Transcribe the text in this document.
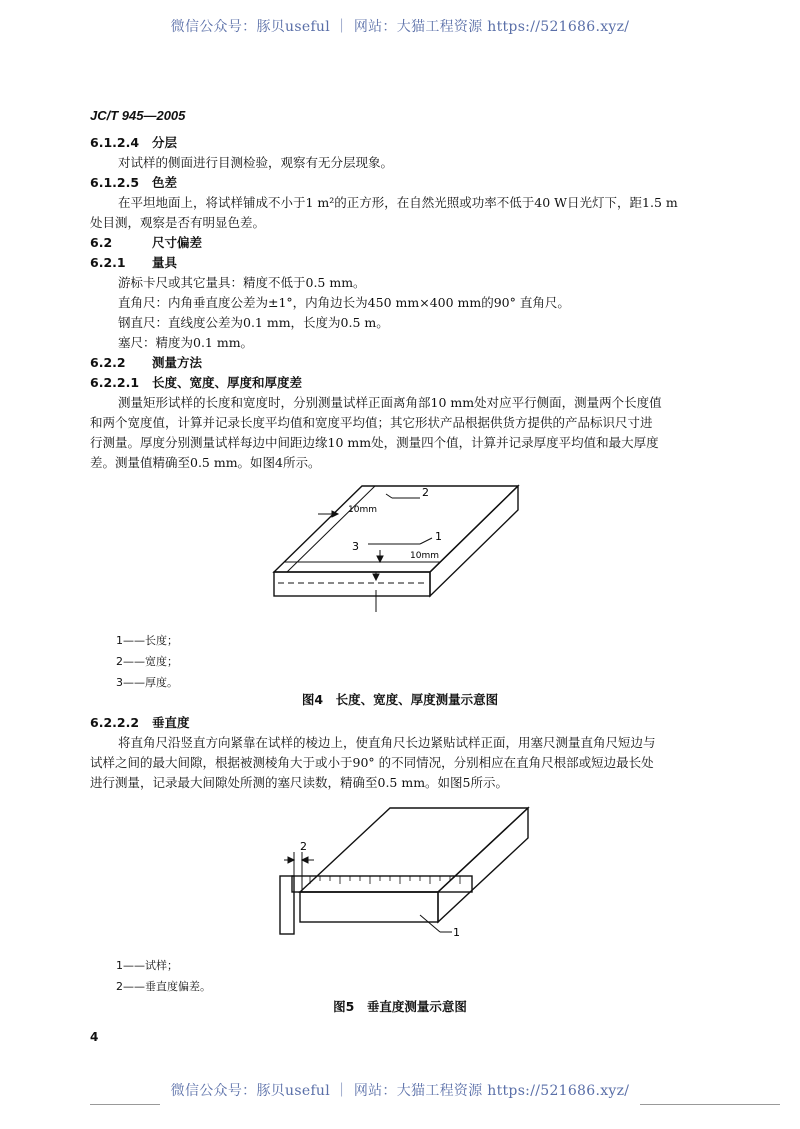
微信公众号：豚贝useful ｜ 网站：大猫工程资源 https://521686.xyz/
JC/T 945—2005
6.1.2.4 分层
对试样的侧面进行目测检验，观察有无分层现象。
6.1.2.5 色差
在平坦地面上，将试样铺成不小于1 m²的正方形，在自然光照或功率不低于40 W日光灯下，距1.5 m
处目测，观察是否有明显色差。
6.2	尺寸偏差
6.2.1 量具
游标卡尺或其它量具：精度不低于0.5 mm。
直角尺：内角垂直度公差为±1°，内角边长为450 mm×400 mm的90° 直角尺。
钢直尺：直线度公差为0.1 mm，长度为0.5 m。
塞尺：精度为0.1 mm。
6.2.2 测量方法
6.2.2.1 长度、宽度、厚度和厚度差
测量矩形试样的长度和宽度时，分别测量试样正面离角部10 mm处对应平行侧面，测量两个长度值
和两个宽度值，计算并记录长度平均值和宽度平均值；其它形状产品根据供货方提供的产品标识尺寸进
行测量。厚度分别测量试样每边中间距边缘10 mm处，测量四个值，计算并记录厚度平均值和最大厚度
差。测量值精确至0.5 mm。如图4所示。
10mm
10mm
2
1
3
1——长度；
2——宽度；
3——厚度。
图4　长度、宽度、厚度测量示意图
6.2.2.2 垂直度
将直角尺沿竖直方向紧靠在试样的棱边上，使直角尺长边紧贴试样正面，用塞尺测量直角尺短边与
试样之间的最大间隙，根据被测棱角大于或小于90° 的不同情况，分别相应在直角尺根部或短边最长处
进行测量，记录最大间隙处所测的塞尺读数，精确至0.5 mm。如图5所示。
2
1
1——试样；
2——垂直度偏差。
图5　垂直度测量示意图
4
微信公众号：豚贝useful ｜ 网站：大猫工程资源 https://521686.xyz/
